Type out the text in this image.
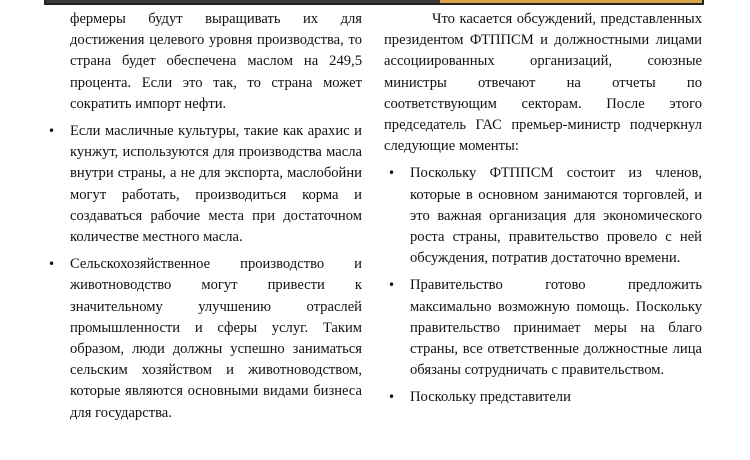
фермеры будут выращивать их для достижения целевого уровня производства, то страна будет обеспечена маслом на 249,5 процента. Если это так, то страна может сократить импорт нефти.

• Если масличные культуры, такие как арахис и кунжут, используются для производства масла внутри страны, а не для экспорта, маслобойни могут работать, производиться корма и создаваться рабочие места при достаточном количестве местного масла.
• Сельскохозяйственное производство и животноводство могут привести к значительному улучшению отраслей промышленности и сферы услуг. Таким образом, люди должны успешно заниматься сельским хозяйством и животноводством, которые являются основными видами бизнеса для государства.

Что касается обсуждений, представленных президентом ФТППСМ и должностными лицами ассоциированных организаций, союзные министры отвечают на отчеты по соответствующим секторам. После этого председатель ГАС премьер-министр подчеркнул следующие моменты:

• Поскольку ФТППСМ состоит из членов, которые в основном занимаются торговлей, и это важная организация для экономического роста страны, правительство провело с ней обсуждения, потратив достаточно времени.
• Правительство готово предложить максимально возможную помощь. Поскольку правительство принимает меры на благо страны, все ответственные должностные лица обязаны сотрудничать с правительством.
• Поскольку представители
